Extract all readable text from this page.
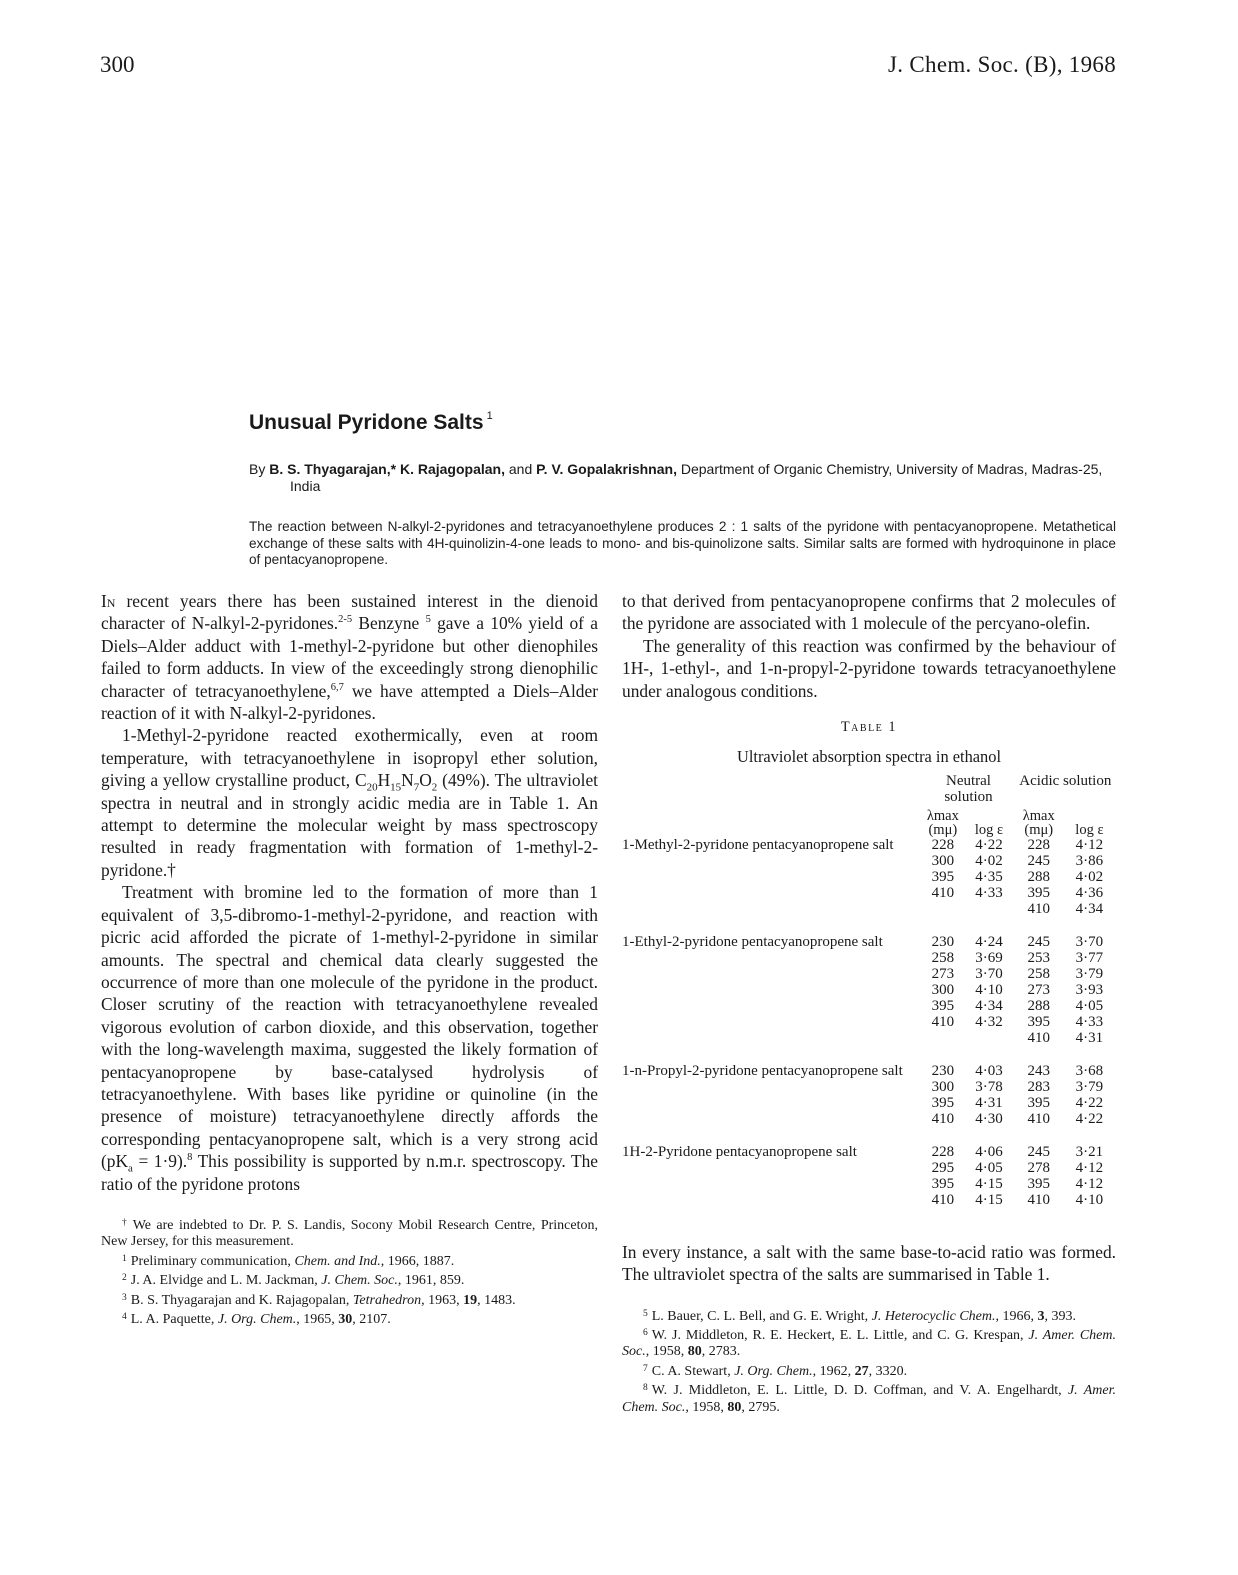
300	J. Chem. Soc. (B), 1968
Unusual Pyridone Salts $^1$
By B. S. Thyagarajan,* K. Rajagopalan, and P. V. Gopalakrishnan, Department of Organic Chemistry, University of Madras, Madras-25, India
The reaction between N-alkyl-2-pyridones and tetracyanoethylene produces 2 : 1 salts of the pyridone with pentacyanopropene. Metathetical exchange of these salts with 4H-quinolizin-4-one leads to mono- and bis-quinolizone salts. Similar salts are formed with hydroquinone in place of pentacyanopropene.

In recent years there has been sustained interest in the dienoid character of N-alkyl-2-pyridones.$^{2-5}$ Benzyne $^5$ gave a 10% yield of a Diels–Alder adduct with 1-methyl-2-pyridone but other dienophiles failed to form adducts. In view of the exceedingly strong dienophilic character of tetracyanoethylene,$^{6,7}$ we have attempted a Diels–Alder reaction of it with N-alkyl-2-pyridones.

1-Methyl-2-pyridone reacted exothermically, even at room temperature, with tetracyanoethylene in isopropyl ether solution, giving a yellow crystalline product, $C_{20}H_{15}N_7O_2$ (49%). The ultraviolet spectra in neutral and in strongly acidic media are in Table 1. An attempt to determine the molecular weight by mass spectroscopy resulted in ready fragmentation with formation of 1-methyl-2-pyridone.†

Treatment with bromine led to the formation of more than 1 equivalent of 3,5-dibromo-1-methyl-2-pyridone, and reaction with picric acid afforded the picrate of 1-methyl-2-pyridone in similar amounts. The spectral and chemical data clearly suggested the occurrence of more than one molecule of the pyridone in the product. Closer scrutiny of the reaction with tetracyanoethylene revealed vigorous evolution of carbon dioxide, and this observation, together with the long-wavelength maxima, suggested the likely formation of pentacyanopropene by base-catalysed hydrolysis of tetracyanoethylene. With bases like pyridine or quinoline (in the presence of moisture) tetracyanoethylene directly affords the corresponding pentacyanopropene salt, which is a very strong acid $(pK_a = 1\cdot 9).^8$ This possibility is supported by n.m.r. spectroscopy. The ratio of the pyridone protons

† We are indebted to Dr. P. S. Landis, Socony Mobil Research Centre, Princeton, New Jersey, for this measurement.

$^1$ Preliminary communication, Chem. and Ind., 1966, 1887.

$^2$ J. A. Elvidge and L. M. Jackman, J. Chem. Soc., 1961, 859.

$^3$ B. S. Thyagarajan and K. Rajagopalan, Tetrahedron, 1963, 19, 1483.

$^4$ L. A. Paquette, J. Org. Chem., 1965, 30, 2107.

to that derived from pentacyanopropene confirms that 2 molecules of the pyridone are associated with 1 molecule of the percyano-olefin.

The generality of this reaction was confirmed by the behaviour of 1H-, 1-ethyl-, and 1-n-propyl-2-pyridone towards tetracyanoethylene under analogous conditions.

Table 1
Ultraviolet absorption spectra in ethanol
	Neutral solution		Acidic solution	
	λmax
(mμ)	log ε	λmax
(mμ)	log ε
1-Methyl-2-pyridone pentacyanopropene salt	228	4·22	228	4·12
	300	4·02	245	3·86
	395	4·35	288	4·02
	410	4·33	395	4·36
			410	4·34
1-Ethyl-2-pyridone pentacyanopropene salt	230	4·24	245	3·70
	258	3·69	253	3·77
	273	3·70	258	3·79
	300	4·10	273	3·93
	395	4·34	288	4·05
	410	4·32	395	4·33
			410	4·31
1-n-Propyl-2-pyridone pentacyanopropene salt	230	4·03	243	3·68
	300	3·78	283	3·79
	395	4·31	395	4·22
	410	4·30	410	4·22
1H-2-Pyridone pentacyanopropene salt	228	4·06	245	3·21
	295	4·05	278	4·12
	395	4·15	395	4·12
	410	4·15	410	4·10

In every instance, a salt with the same base-to-acid ratio was formed. The ultraviolet spectra of the salts are summarised in Table 1.

$^5$ L. Bauer, C. L. Bell, and G. E. Wright, J. Heterocyclic Chem., 1966, 3, 393.

$^6$ W. J. Middleton, R. E. Heckert, E. L. Little, and C. G. Krespan, J. Amer. Chem. Soc., 1958, 80, 2783.

$^7$ C. A. Stewart, J. Org. Chem., 1962, 27, 3320.

$^8$ W. J. Middleton, E. L. Little, D. D. Coffman, and V. A. Engelhardt, J. Amer. Chem. Soc., 1958, 80, 2795.
